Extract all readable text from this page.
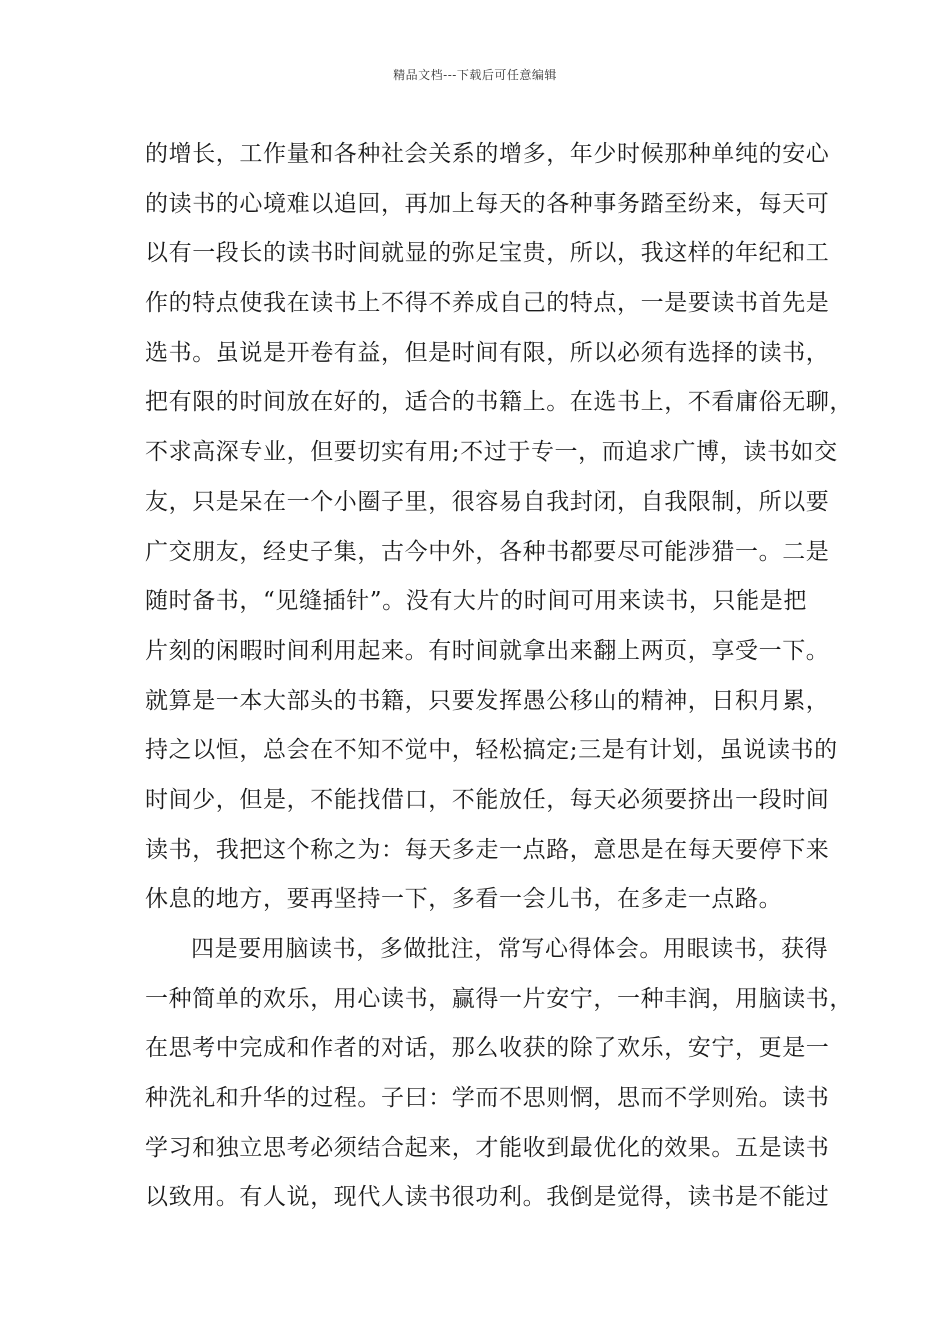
精品文档---下载后可任意编辑
的增长，工作量和各种社会关系的增多，年少时候那种单纯的安心
的读书的心境难以追回，再加上每天的各种事务踏至纷来，每天可
以有一段长的读书时间就显的弥足宝贵，所以，我这样的年纪和工
作的特点使我在读书上不得不养成自己的特点，一是要读书首先是
选书。虽说是开卷有益，但是时间有限，所以必须有选择的读书，
把有限的时间放在好的，适合的书籍上。在选书上，不看庸俗无聊，
不求高深专业，但要切实有用;不过于专一，而追求广博，读书如交
友，只是呆在一个小圈子里，很容易自我封闭，自我限制，所以要
广交朋友，经史子集，古今中外，各种书都要尽可能涉猎一。二是
随时备书，“见缝插针”。没有大片的时间可用来读书，只能是把
片刻的闲暇时间利用起来。有时间就拿出来翻上两页，享受一下。
就算是一本大部头的书籍，只要发挥愚公移山的精神，日积月累，
持之以恒，总会在不知不觉中，轻松搞定;三是有计划，虽说读书的
时间少，但是，不能找借口，不能放任，每天必须要挤出一段时间
读书，我把这个称之为：每天多走一点路，意思是在每天要停下来
休息的地方，要再坚持一下，多看一会儿书，在多走一点路。
四是要用脑读书，多做批注，常写心得体会。用眼读书，获得
一种简单的欢乐，用心读书，赢得一片安宁，一种丰润，用脑读书，
在思考中完成和作者的对话，那么收获的除了欢乐，安宁，更是一
种洗礼和升华的过程。子曰：学而不思则惘，思而不学则殆。读书
学习和独立思考必须结合起来，才能收到最优化的效果。五是读书
以致用。有人说，现代人读书很功利。我倒是觉得，读书是不能过
